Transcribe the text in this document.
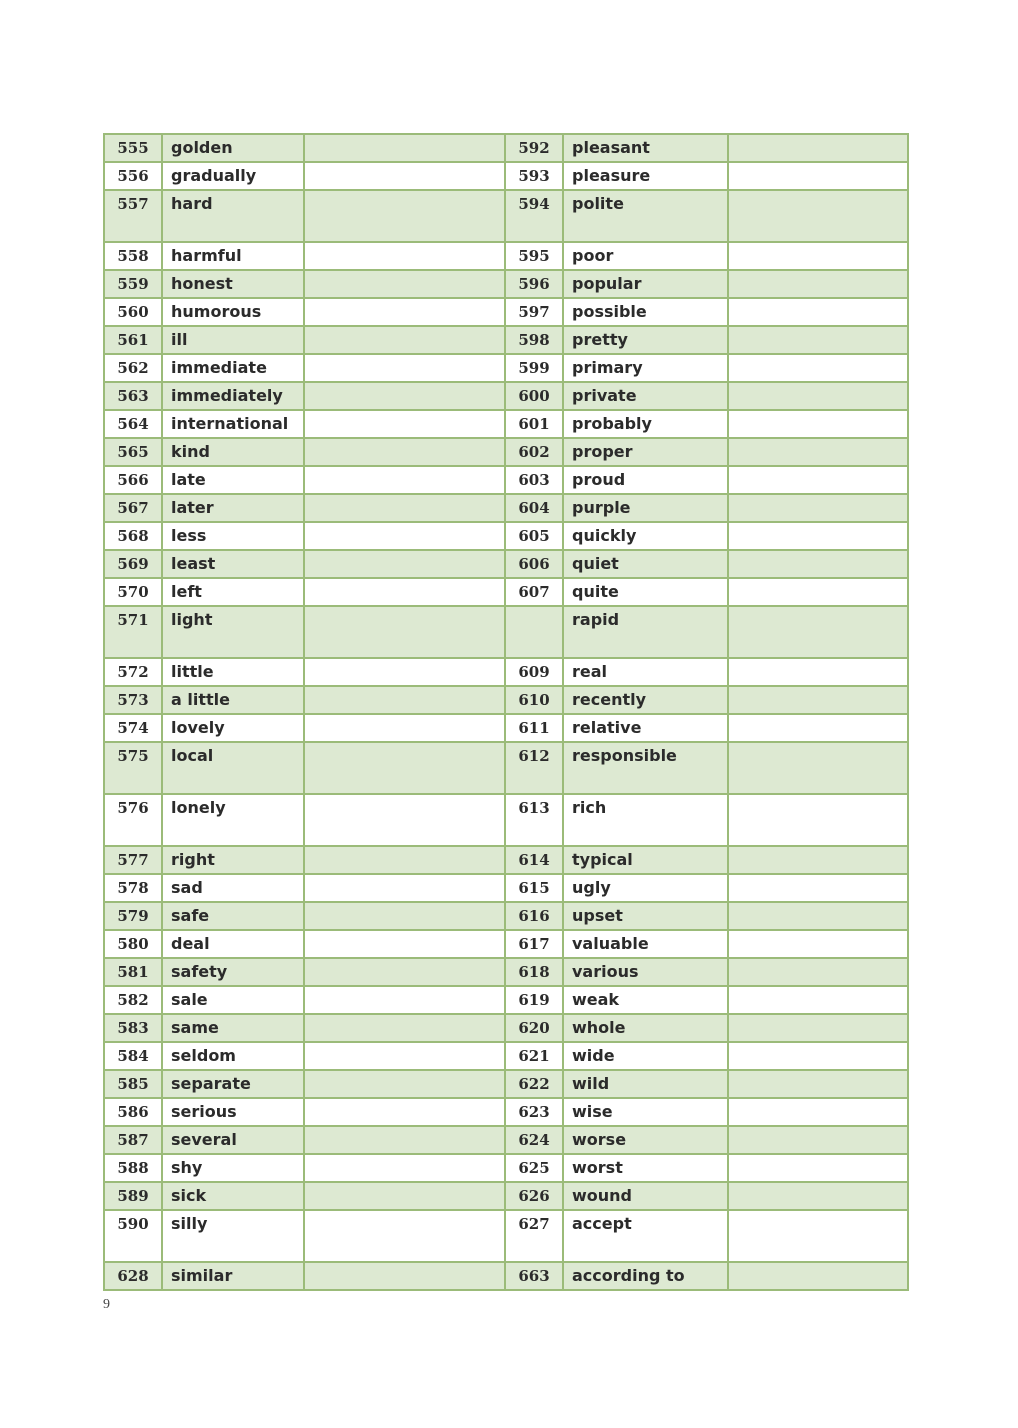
555	golden		592	pleasant	
556	gradually		593	pleasure	
557	hard		594	polite	
558	harmful		595	poor	
559	honest		596	popular	
560	humorous		597	possible	
561	ill		598	pretty	
562	immediate		599	primary	
563	immediately		600	private	
564	international		601	probably	
565	kind		602	proper	
566	late		603	proud	
567	later		604	purple	
568	less		605	quickly	
569	least		606	quiet	
570	left		607	quite	
571	light			rapid	
572	little		609	real	
573	a little		610	recently	
574	lovely		611	relative	
575	local		612	responsible	
576	lonely		613	rich	
577	right		614	typical	
578	sad		615	ugly	
579	safe		616	upset	
580	deal		617	valuable	
581	safety		618	various	
582	sale		619	weak	
583	same		620	whole	
584	seldom		621	wide	
585	separate		622	wild	
586	serious		623	wise	
587	several		624	worse	
588	shy		625	worst	
589	sick		626	wound	
590	silly		627	accept	
628	similar		663	according to	
9
